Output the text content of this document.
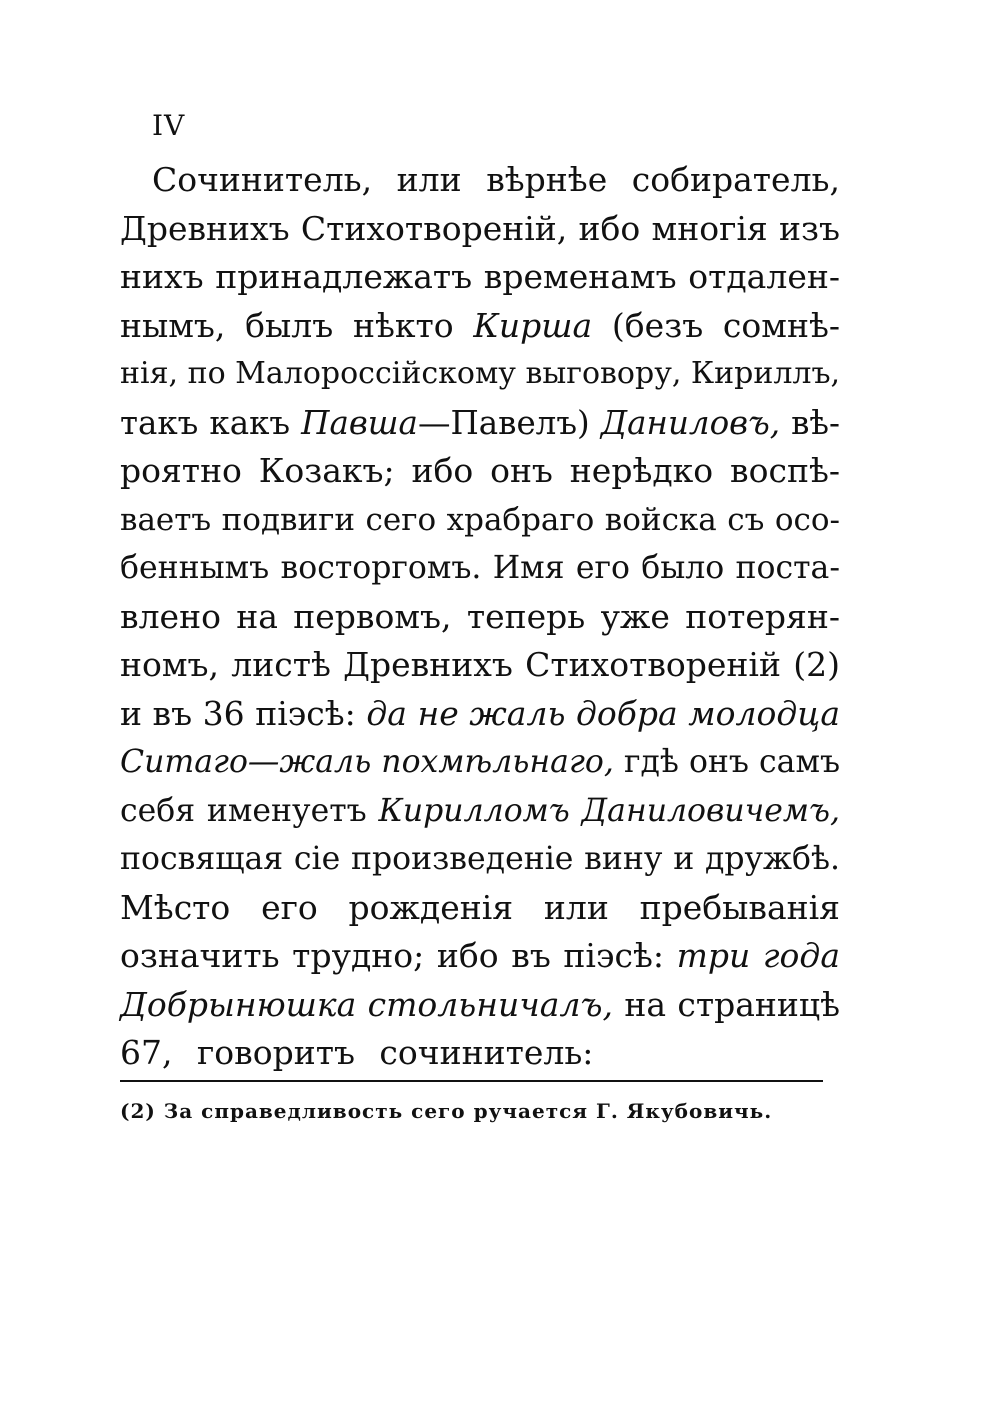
IV
Сочинитель, или вѣрнѣе собиратель,
Древнихъ Стихотвореній, ибо многія изъ
нихъ принадлежатъ временамъ отдален-
нымъ, былъ нѣкто Кирша (безъ сомнѣ-
нія, по Малороссійскому выговору, Кириллъ,
такъ какъ Павша—Павелъ) Даниловъ, вѣ-
роятно Козакъ; ибо онъ нерѣдко воспѣ-
ваетъ подвиги сего храбраго войска съ осо-
беннымъ восторгомъ. Имя его было поста-
влено на первомъ, теперь уже потерян-
номъ, листѣ Древнихъ Стихотвореній (2)
и въ 36 піэсѣ: да не жаль добра молодца
Ситаго—жаль похмѣльнаго, гдѣ онъ самъ
себя именуетъ Кирилломъ Даниловичемъ,
посвящая сіе произведеніе вину и дружбѣ.
Мѣсто его рожденія или пребыванія
означить трудно; ибо въ піэсѣ: три года
Добрынюшка стольничалъ, на страницѣ
67, говоритъ сочинитель:
(2) За справедливость сего ручается Г. Якубовичь.
